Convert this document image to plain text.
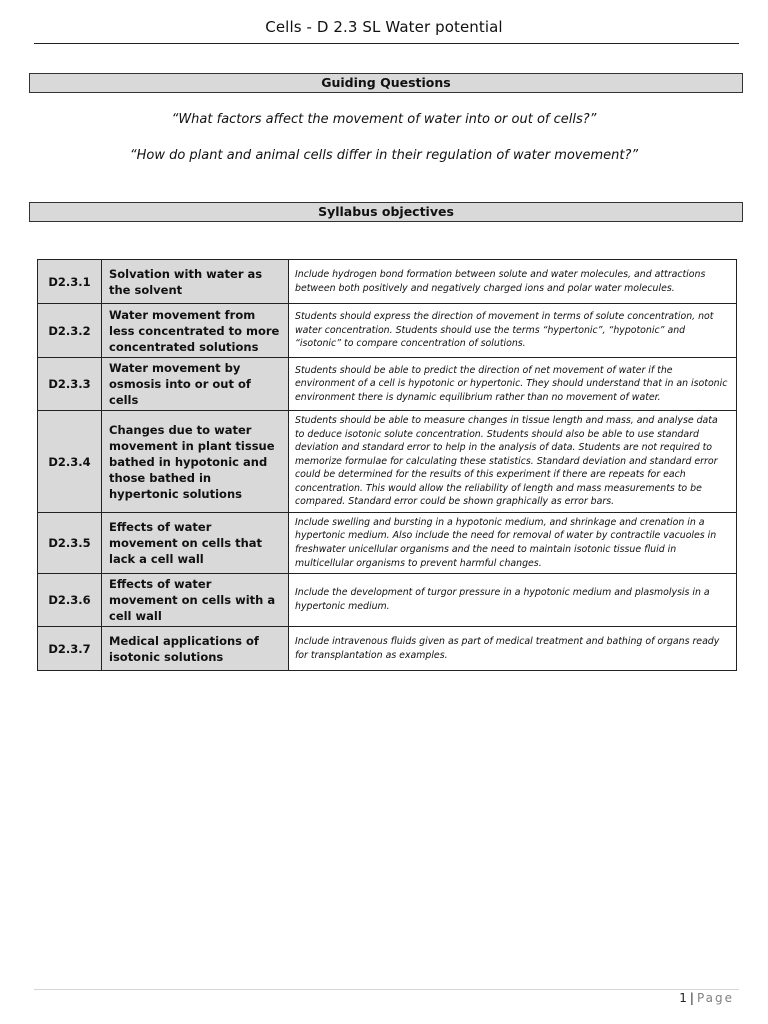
Cells - D 2.3 SL Water potential
Guiding Questions
“What factors affect the movement of water into or out of cells?”
“How do plant and animal cells differ in their regulation of water movement?”
Syllabus objectives
D2.3.1	Solvation with water as the solvent	Include hydrogen bond formation between solute and water molecules, and attractions between both positively and negatively charged ions and polar water molecules.
D2.3.2	Water movement from less concentrated to more concentrated solutions	Students should express the direction of movement in terms of solute concentration, not water concentration. Students should use the terms “hypertonic”, “hypotonic” and “isotonic” to compare concentration of solutions.
D2.3.3	Water movement by osmosis into or out of cells	Students should be able to predict the direction of net movement of water if the environment of a cell is hypotonic or hypertonic. They should understand that in an isotonic environment there is dynamic equilibrium rather than no movement of water.
D2.3.4	Changes due to water movement in plant tissue bathed in hypotonic and those bathed in hypertonic solutions	Students should be able to measure changes in tissue length and mass, and analyse data to deduce isotonic solute concentration. Students should also be able to use standard deviation and standard error to help in the analysis of data. Students are not required to memorize formulae for calculating these statistics. Standard deviation and standard error could be determined for the results of this experiment if there are repeats for each concentration. This would allow the reliability of length and mass measurements to be compared. Standard error could be shown graphically as error bars.
D2.3.5	Effects of water movement on cells that lack a cell wall	Include swelling and bursting in a hypotonic medium, and shrinkage and crenation in a hypertonic medium. Also include the need for removal of water by contractile vacuoles in freshwater unicellular organisms and the need to maintain isotonic tissue fluid in multicellular organisms to prevent harmful changes.
D2.3.6	Effects of water movement on cells with a cell wall	Include the development of turgor pressure in a hypotonic medium and plasmolysis in a hypertonic medium.
D2.3.7	Medical applications of isotonic solutions	Include intravenous fluids given as part of medical treatment and bathing of organs ready for transplantation as examples.
1 | Page
